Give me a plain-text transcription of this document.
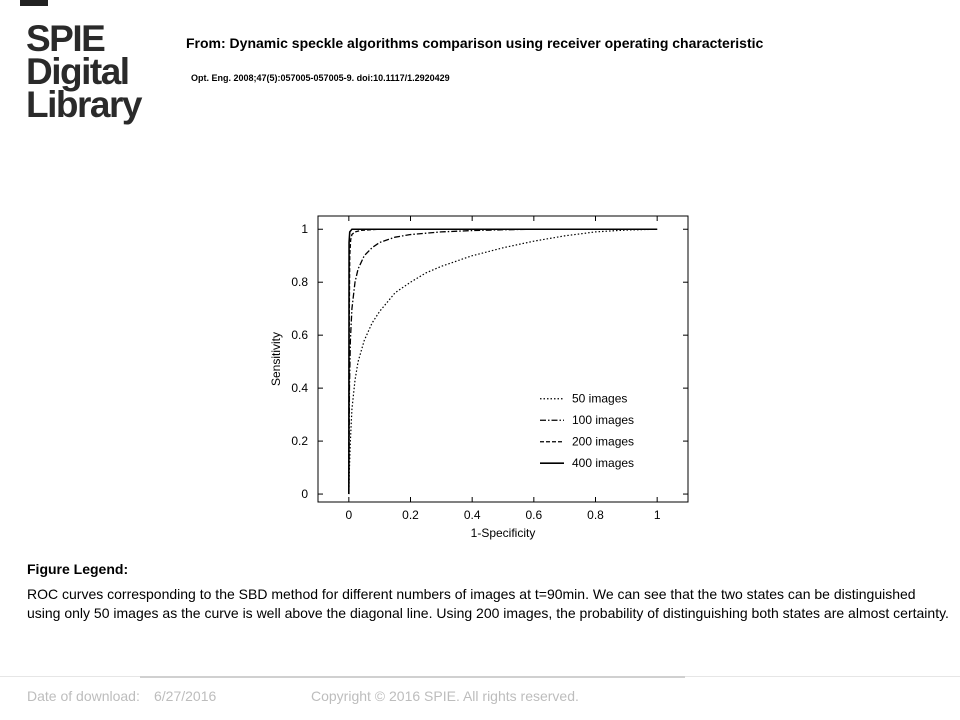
SPIE
Digital
Library
From: Dynamic speckle algorithms comparison using receiver operating characteristic
Opt. Eng. 2008;47(5):057005-057005-9. doi:10.1117/1.2920429
0	0.2	0.4	0.6	0.8	1
0
0.2
0.4
0.6
0.8
1
1-Specificity
Sensitivity
50 images
100 images
200 images
400 images
Figure Legend:
ROC curves corresponding to the SBD method for different numbers of images at t=90min. We can see that the two states can be distinguished using only 50 images as the curve is well above the diagonal line. Using 200 images, the probability of distinguishing both states are almost certainty.
Date of download: 6/27/2016	Copyright © 2016 SPIE. All rights reserved.
